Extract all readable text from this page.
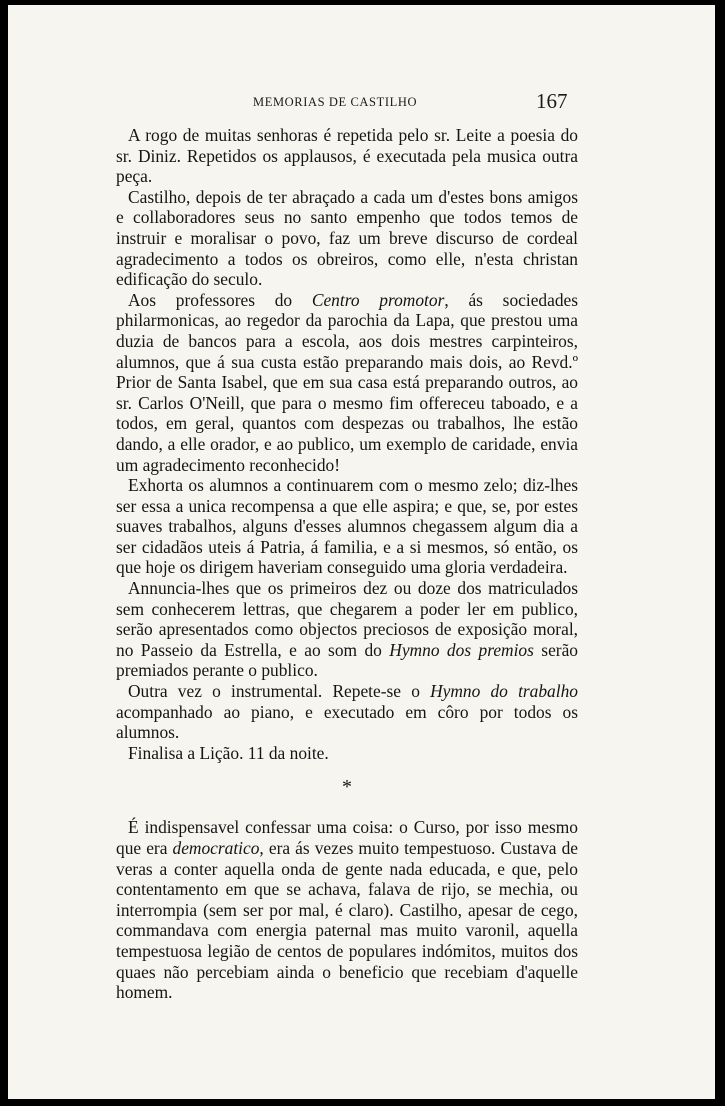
MEMORIAS DE CASTILHO	167

A rogo de muitas senhoras é repetida pelo sr. Leite a poesia do sr. Diniz. Repetidos os applausos, é executada pela musica outra peça.

Castilho, depois de ter abraçado a cada um d'estes bons amigos e collaboradores seus no santo empenho que todos temos de instruir e moralisar o povo, faz um breve discurso de cordeal agradecimento a todos os obreiros, como elle, n'esta christan edificação do seculo.

Aos professores do Centro promotor, ás sociedades philarmonicas, ao regedor da parochia da Lapa, que prestou uma duzia de bancos para a escola, aos dois mestres carpinteiros, alumnos, que á sua custa estão preparando mais dois, ao Revd.º Prior de Santa Isabel, que em sua casa está preparando outros, ao sr. Carlos O'Neill, que para o mesmo fim offereceu taboado, e a todos, em geral, quantos com despezas ou trabalhos, lhe estão dando, a elle orador, e ao publico, um exemplo de caridade, envia um agradecimento reconhecido!

Exhorta os alumnos a continuarem com o mesmo zelo; diz-lhes ser essa a unica recompensa a que elle aspira; e que, se, por estes suaves trabalhos, alguns d'esses alumnos chegassem algum dia a ser cidadãos uteis á Patria, á familia, e a si mesmos, só então, os que hoje os dirigem haveriam conseguido uma gloria verdadeira.

Annuncia-lhes que os primeiros dez ou doze dos matriculados sem conhecerem lettras, que chegarem a poder ler em publico, serão apresentados como objectos preciosos de exposição moral, no Passeio da Estrella, e ao som do Hymno dos premios serão premiados perante o publico.

Outra vez o instrumental. Repete-se o Hymno do trabalho acompanhado ao piano, e executado em côro por todos os alumnos.

Finalisa a Lição. 11 da noite.

*

É indispensavel confessar uma coisa: o Curso, por isso mesmo que era democratico, era ás vezes muito tempestuoso. Custava de veras a conter aquella onda de gente nada educada, e que, pelo contentamento em que se achava, falava de rijo, se mechia, ou interrompia (sem ser por mal, é claro). Castilho, apesar de cego, commandava com energia paternal mas muito varonil, aquella tempestuosa legião de centos de populares indómitos, muitos dos quaes não percebiam ainda o beneficio que recebiam d'aquelle homem.
